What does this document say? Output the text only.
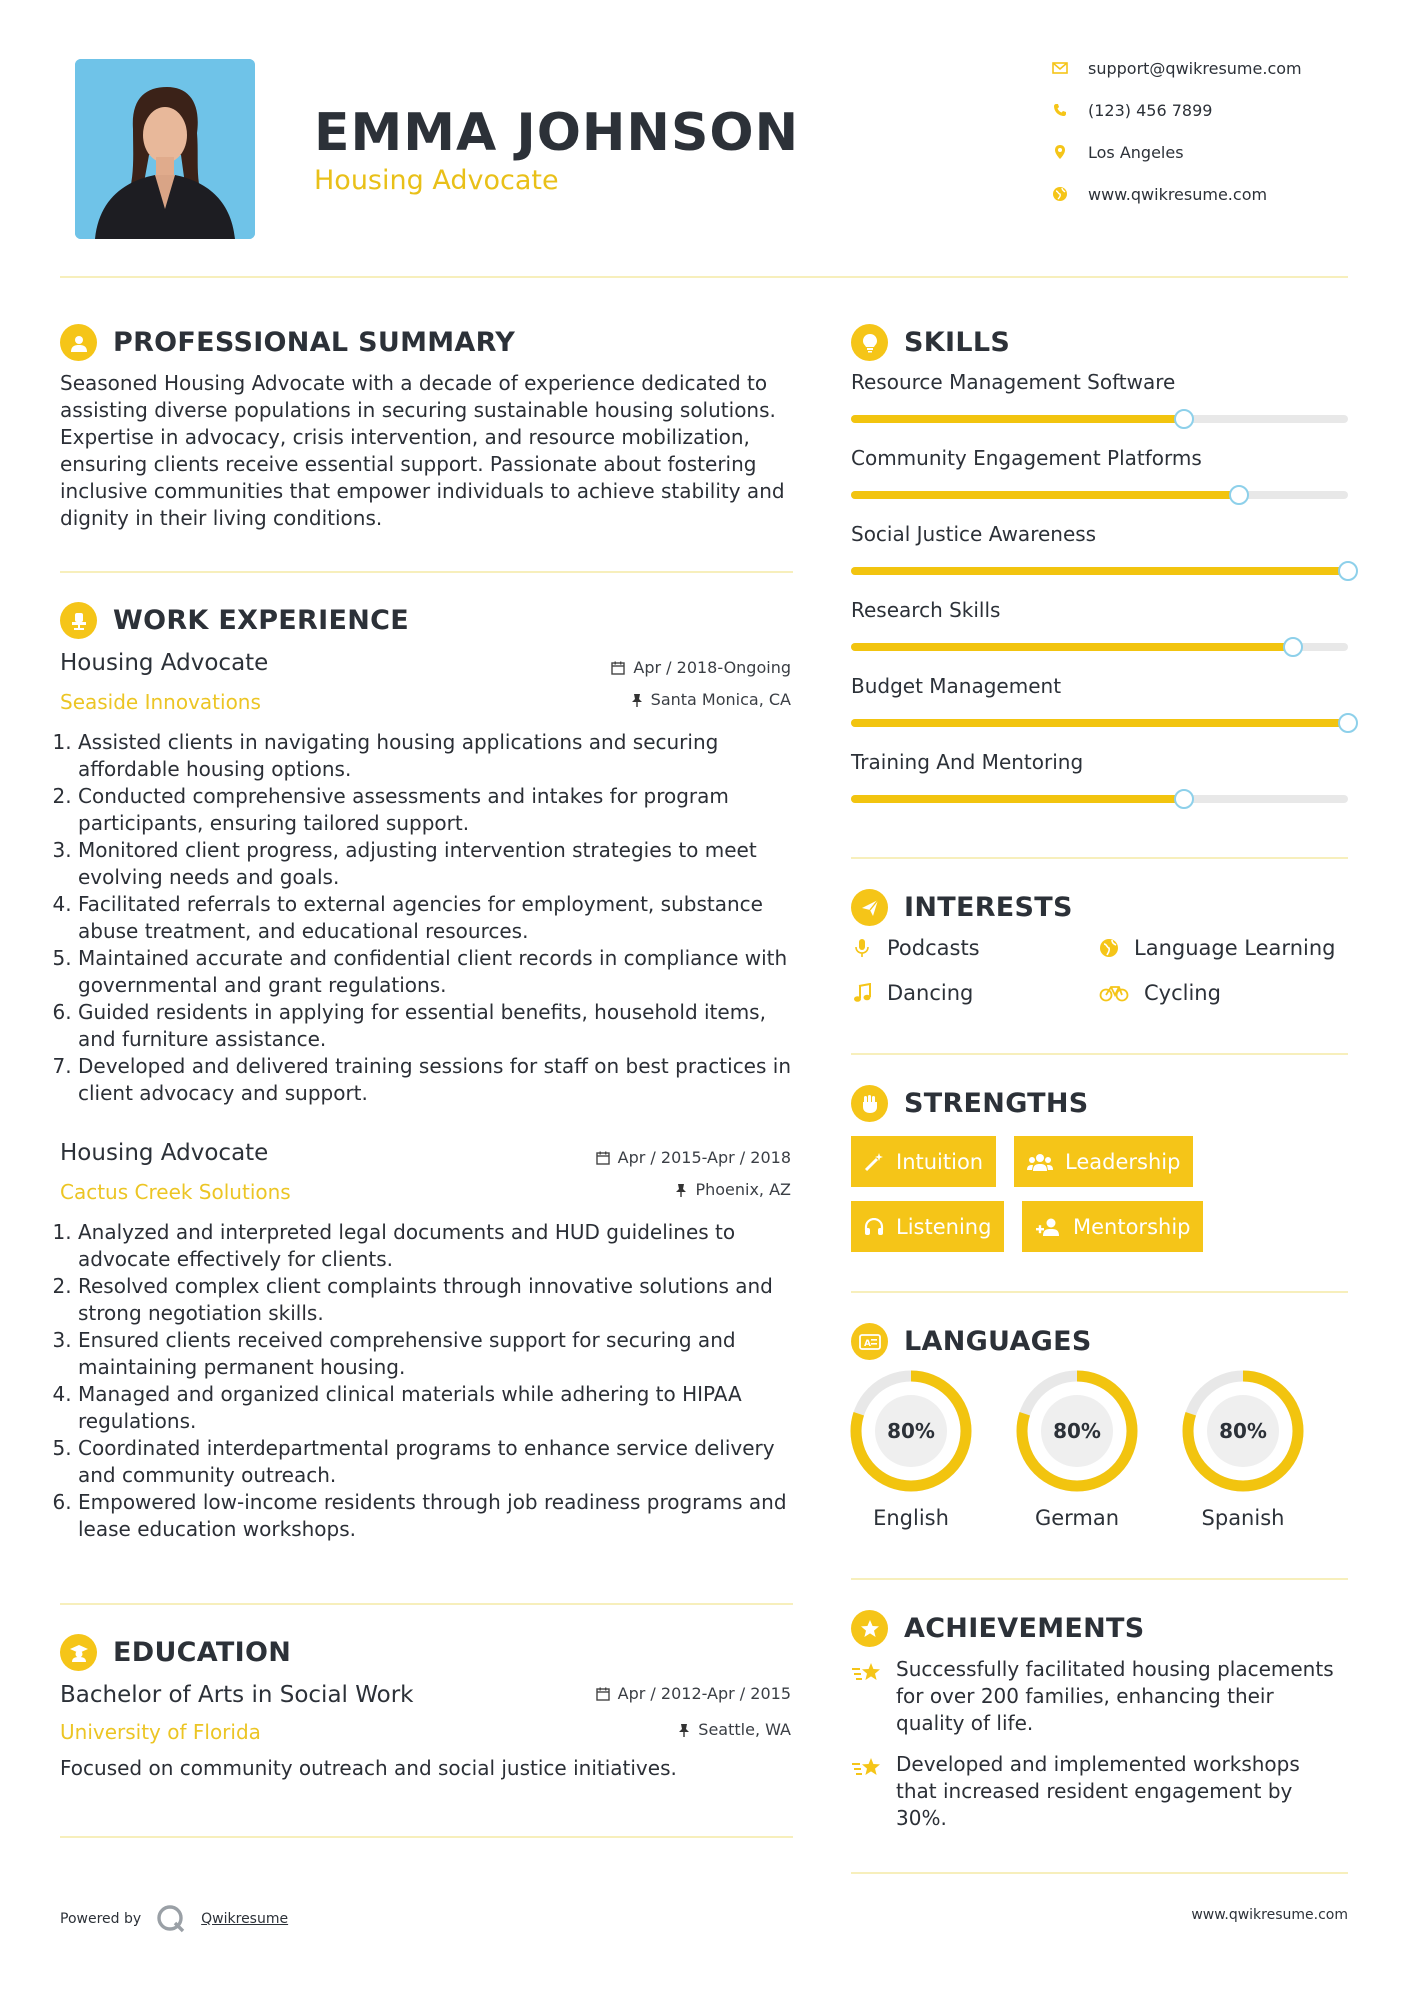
EMMA JOHNSON
Housing Advocate
support@qwikresume.com
(123) 456 7899
Los Angeles
www.qwikresume.com
PROFESSIONAL SUMMARY
Seasoned Housing Advocate with a decade of experience dedicated to assisting diverse populations in securing sustainable housing solutions. Expertise in advocacy, crisis intervention, and resource mobilization, ensuring clients receive essential support. Passionate about fostering inclusive communities that empower individuals to achieve stability and dignity in their living conditions.
WORK EXPERIENCE
Housing Advocate
Seaside Innovations
Apr / 2018-Ongoing
Santa Monica, CA
1. Assisted clients in navigating housing applications and securing affordable housing options.
2. Conducted comprehensive assessments and intakes for program participants, ensuring tailored support.
3. Monitored client progress, adjusting intervention strategies to meet evolving needs and goals.
4. Facilitated referrals to external agencies for employment, substance abuse treatment, and educational resources.
5. Maintained accurate and confidential client records in compliance with governmental and grant regulations.
6. Guided residents in applying for essential benefits, household items, and furniture assistance.
7. Developed and delivered training sessions for staff on best practices in client advocacy and support.
Housing Advocate
Cactus Creek Solutions
Apr / 2015-Apr / 2018
Phoenix, AZ
1. Analyzed and interpreted legal documents and HUD guidelines to advocate effectively for clients.
2. Resolved complex client complaints through innovative solutions and strong negotiation skills.
3. Ensured clients received comprehensive support for securing and maintaining permanent housing.
4. Managed and organized clinical materials while adhering to HIPAA regulations.
5. Coordinated interdepartmental programs to enhance service delivery and community outreach.
6. Empowered low-income residents through job readiness programs and lease education workshops.
EDUCATION
Bachelor of Arts in Social Work
University of Florida
Apr / 2012-Apr / 2015
Seattle, WA
Focused on community outreach and social justice initiatives.
SKILLS
Resource Management Software
Community Engagement Platforms
Social Justice Awareness
Research Skills
Budget Management
Training And Mentoring
INTERESTS
Podcasts	Language Learning
Dancing	Cycling
STRENGTHS
Intuition	Leadership
Listening	Mentorship
A LANGUAGES
80%
English
80%
German
80%
Spanish
ACHIEVEMENTS
Successfully facilitated housing placements for over 200 families, enhancing their quality of life.
Developed and implemented workshops that increased resident engagement by 30%.
Powered by	Qwikresume	www.qwikresume.com
